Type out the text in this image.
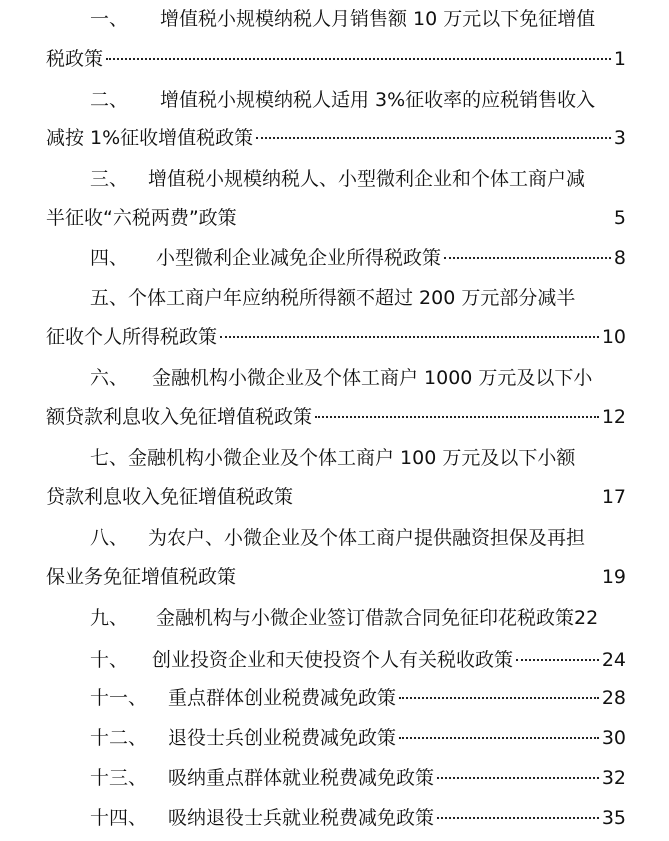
一、 增值税小规模纳税人月销售额 10 万元以下免征增值
税政策	1
二、 增值税小规模纳税人适用 3%征收率的应税销售收入
减按 1%征收增值税政策	3
三、 增值税小规模纳税人、小型微利企业和个体工商户减
半征收“六税两费”政策	5
四、 小型微利企业减免企业所得税政策	8
五、个体工商户年应纳税所得额不超过 200 万元部分减半
征收个人所得税政策	10
六、 金融机构小微企业及个体工商户 1000 万元及以下小
额贷款利息收入免征增值税政策	12
七、金融机构小微企业及个体工商户 100 万元及以下小额
贷款利息收入免征增值税政策	17
八、 为农户、小微企业及个体工商户提供融资担保及再担
保业务免征增值税政策	19
九、 金融机构与小微企业签订借款合同免征印花税政策 22
十、 创业投资企业和天使投资个人有关税收政策	24
十一、 重点群体创业税费减免政策	28
十二、 退役士兵创业税费减免政策	30
十三、 吸纳重点群体就业税费减免政策	32
十四、 吸纳退役士兵就业税费减免政策	35
